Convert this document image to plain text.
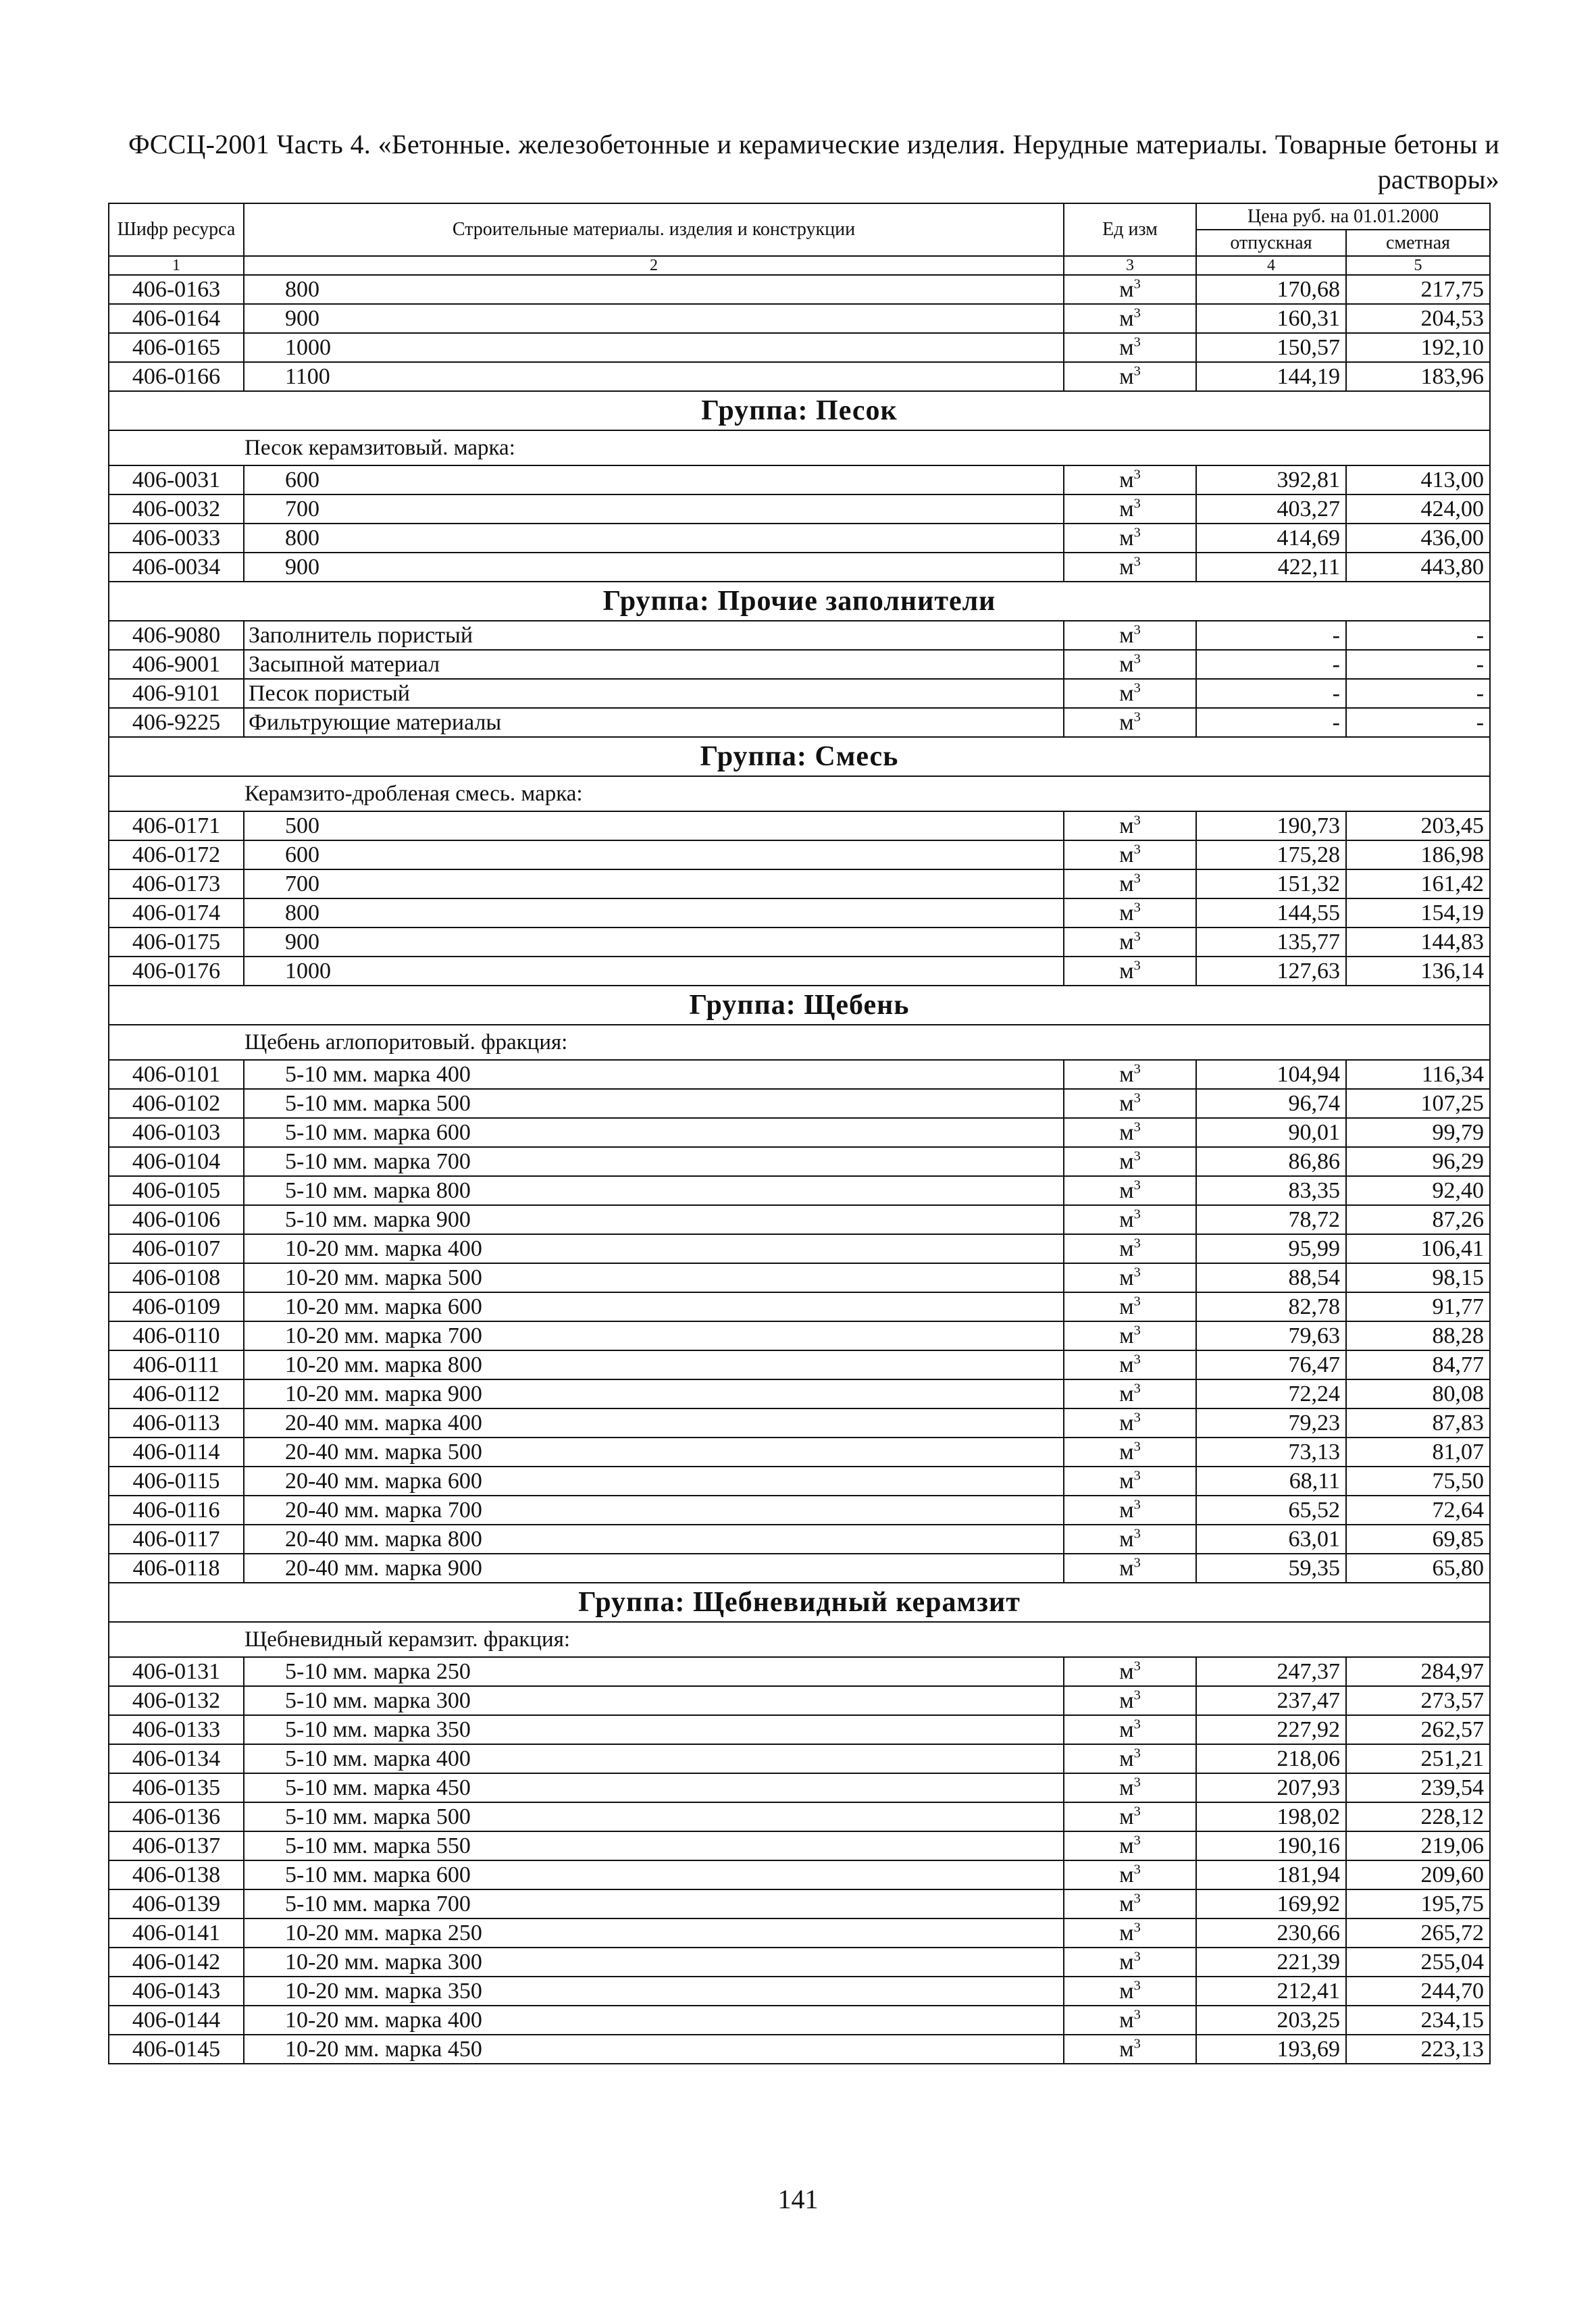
ФССЦ-2001 Часть 4. «Бетонные. железобетонные и керамические изделия. Нерудные материалы. Товарные бетоны и растворы»
Шифр ресурса	Строительные материалы. изделия и конструкции	Ед изм	Цена руб. на 01.01.2000	
			отпускная	сметная
1	2	3	4	5
406-0163	800	$м^3$	170,68	217,75
406-0164	900	$м^3$	160,31	204,53
406-0165	1000	$м^3$	150,57	192,10
406-0166	1100	$м^3$	144,19	183,96
Группа: Песок				
Песок керамзитовый. марка:				
406-0031	600	$м^3$	392,81	413,00
406-0032	700	$м^3$	403,27	424,00
406-0033	800	$м^3$	414,69	436,00
406-0034	900	$м^3$	422,11	443,80
Группа: Прочие заполнители				
406-9080	Заполнитель пористый	$м^3$	-	-
406-9001	Засыпной материал	$м^3$	-	-
406-9101	Песок пористый	$м^3$	-	-
406-9225	Фильтрующие материалы	$м^3$	-	-
Группа: Смесь				
Керамзито-дробленая смесь. марка:				
406-0171	500	$м^3$	190,73	203,45
406-0172	600	$м^3$	175,28	186,98
406-0173	700	$м^3$	151,32	161,42
406-0174	800	$м^3$	144,55	154,19
406-0175	900	$м^3$	135,77	144,83
406-0176	1000	$м^3$	127,63	136,14
Группа: Щебень				
Щебень аглопоритовый. фракция:				
406-0101	5-10 мм. марка 400	$м^3$	104,94	116,34
406-0102	5-10 мм. марка 500	$м^3$	96,74	107,25
406-0103	5-10 мм. марка 600	$м^3$	90,01	99,79
406-0104	5-10 мм. марка 700	$м^3$	86,86	96,29
406-0105	5-10 мм. марка 800	$м^3$	83,35	92,40
406-0106	5-10 мм. марка 900	$м^3$	78,72	87,26
406-0107	10-20 мм. марка 400	$м^3$	95,99	106,41
406-0108	10-20 мм. марка 500	$м^3$	88,54	98,15
406-0109	10-20 мм. марка 600	$м^3$	82,78	91,77
406-0110	10-20 мм. марка 700	$м^3$	79,63	88,28
406-0111	10-20 мм. марка 800	$м^3$	76,47	84,77
406-0112	10-20 мм. марка 900	$м^3$	72,24	80,08
406-0113	20-40 мм. марка 400	$м^3$	79,23	87,83
406-0114	20-40 мм. марка 500	$м^3$	73,13	81,07
406-0115	20-40 мм. марка 600	$м^3$	68,11	75,50
406-0116	20-40 мм. марка 700	$м^3$	65,52	72,64
406-0117	20-40 мм. марка 800	$м^3$	63,01	69,85
406-0118	20-40 мм. марка 900	$м^3$	59,35	65,80
Группа: Щебневидный керамзит				
Щебневидный керамзит. фракция:				
406-0131	5-10 мм. марка 250	$м^3$	247,37	284,97
406-0132	5-10 мм. марка 300	$м^3$	237,47	273,57
406-0133	5-10 мм. марка 350	$м^3$	227,92	262,57
406-0134	5-10 мм. марка 400	$м^3$	218,06	251,21
406-0135	5-10 мм. марка 450	$м^3$	207,93	239,54
406-0136	5-10 мм. марка 500	$м^3$	198,02	228,12
406-0137	5-10 мм. марка 550	$м^3$	190,16	219,06
406-0138	5-10 мм. марка 600	$м^3$	181,94	209,60
406-0139	5-10 мм. марка 700	$м^3$	169,92	195,75
406-0141	10-20 мм. марка 250	$м^3$	230,66	265,72
406-0142	10-20 мм. марка 300	$м^3$	221,39	255,04
406-0143	10-20 мм. марка 350	$м^3$	212,41	244,70
406-0144	10-20 мм. марка 400	$м^3$	203,25	234,15
406-0145	10-20 мм. марка 450	$м^3$	193,69	223,13
141
